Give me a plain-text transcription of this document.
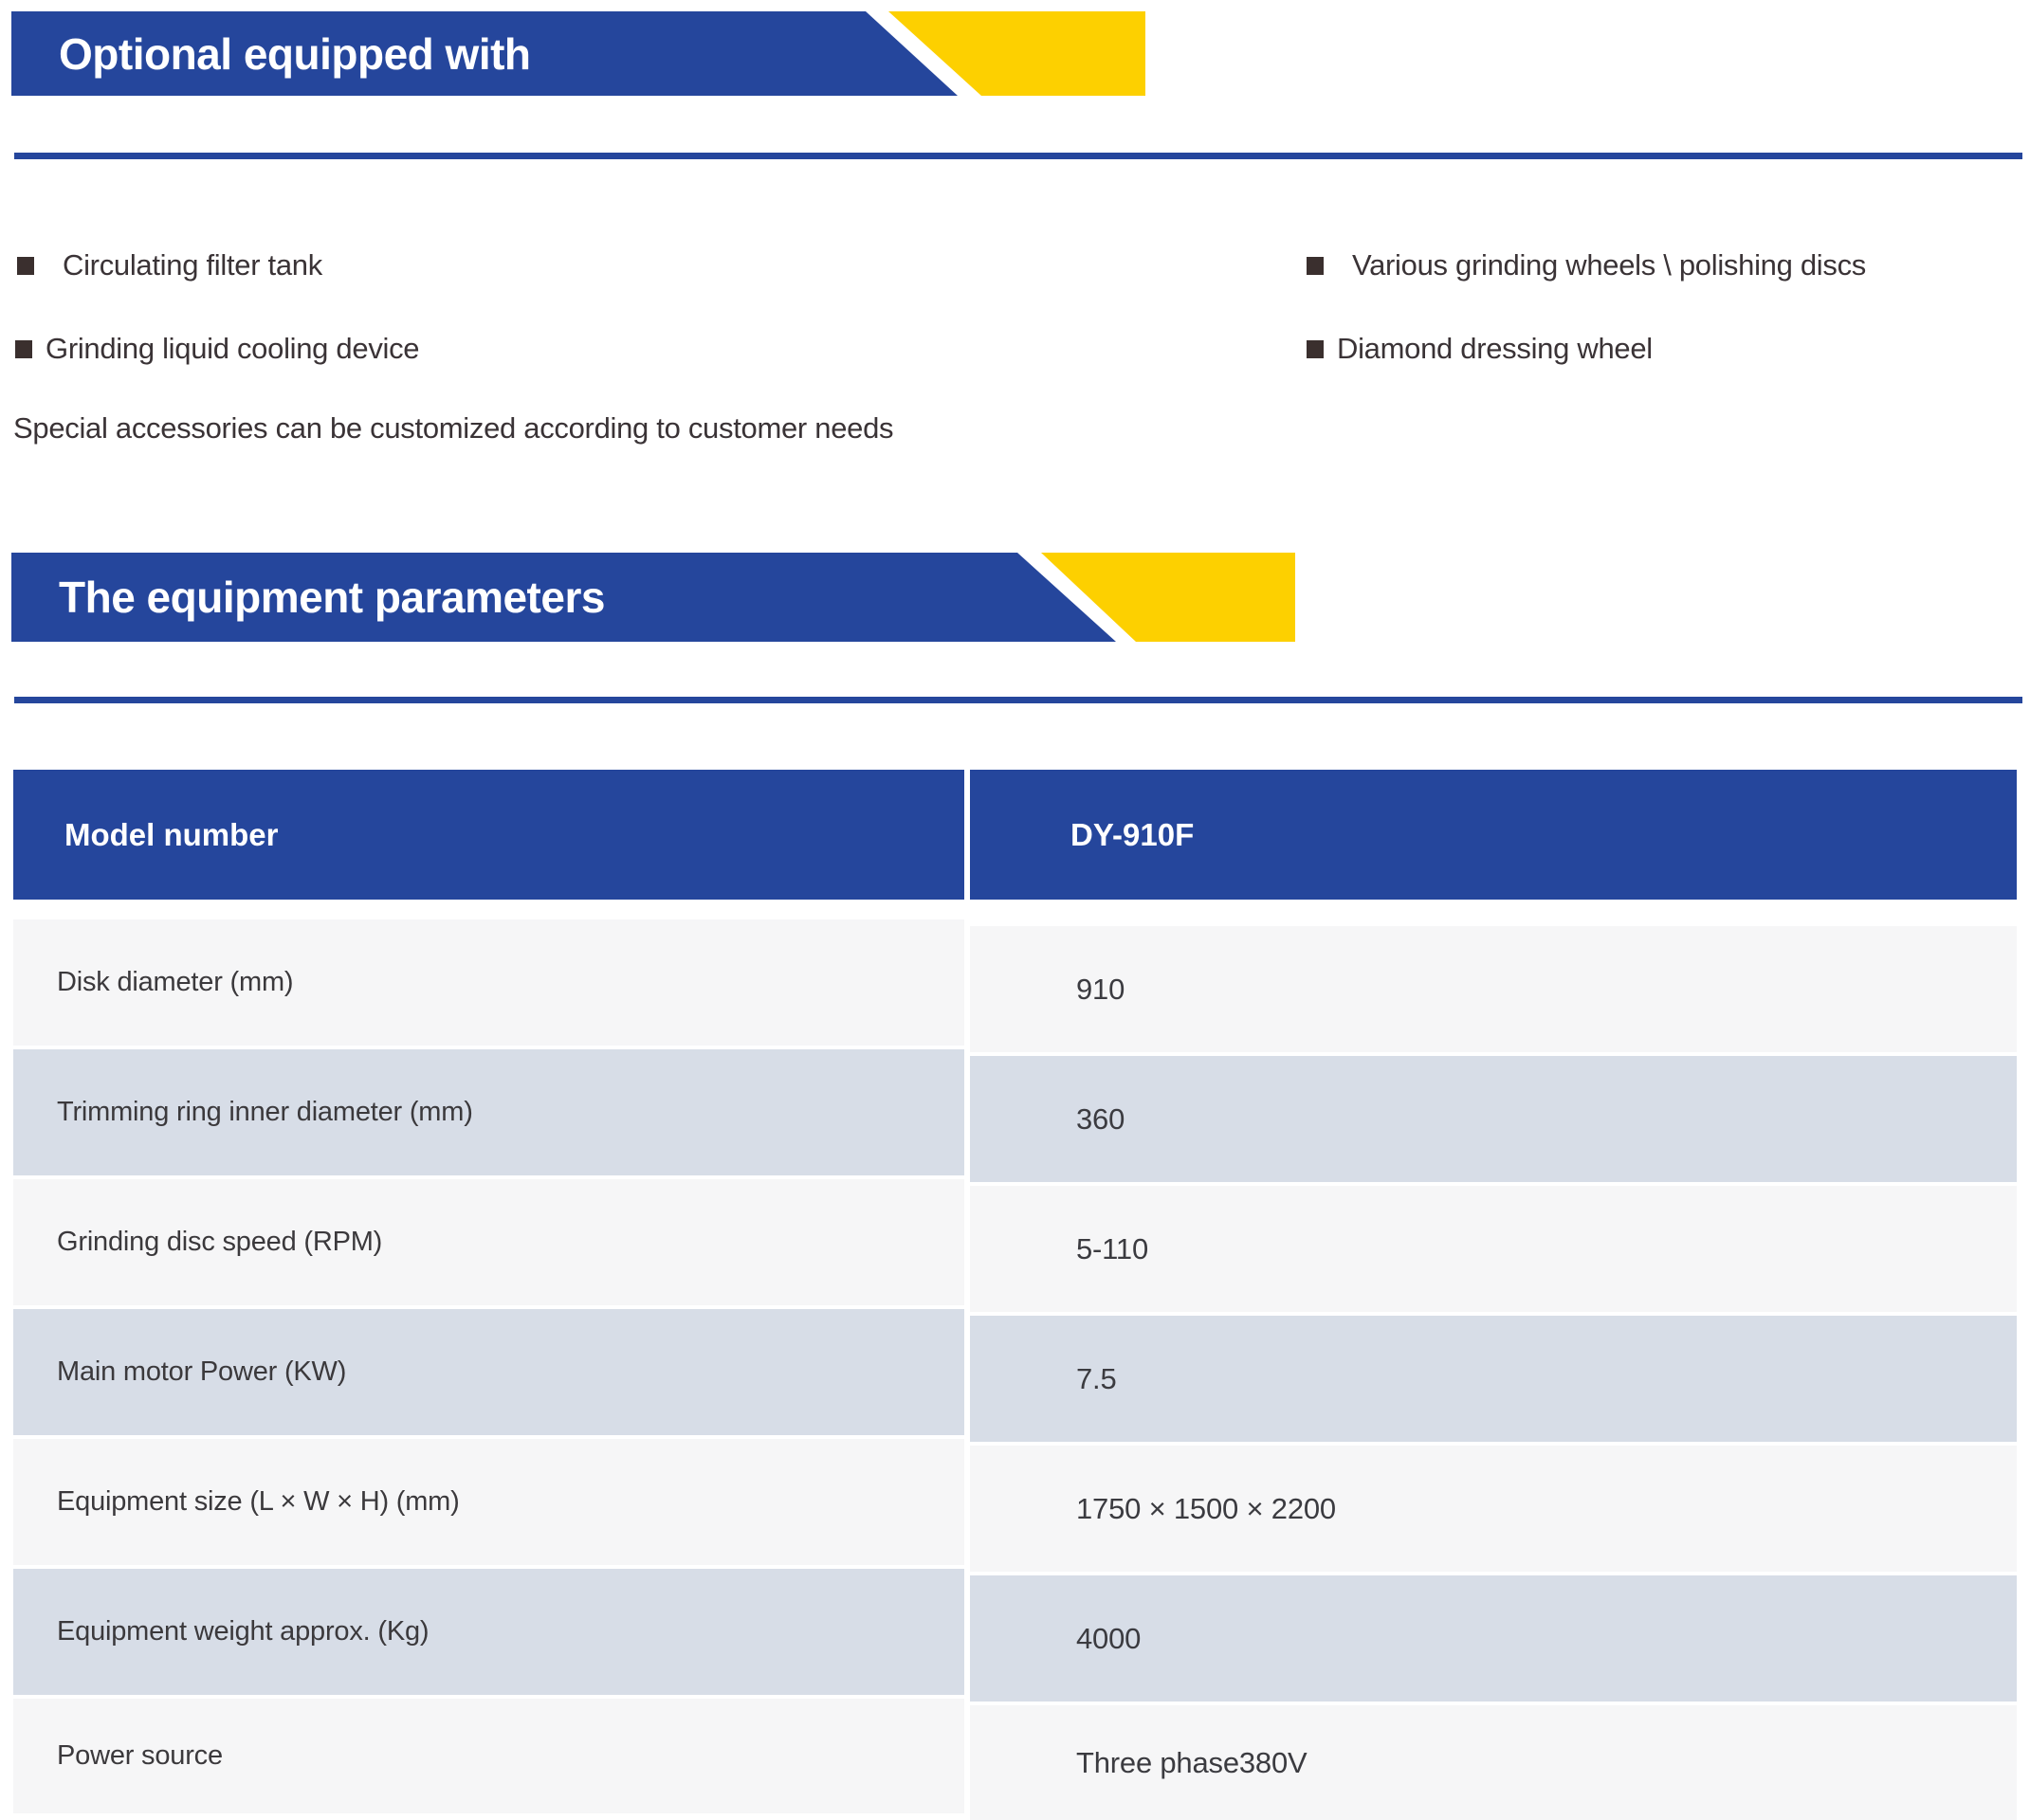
Optional equipped with
Circulating filter tank
Grinding liquid cooling device
Various grinding wheels \ polishing discs
Diamond dressing wheel
Special accessories can be customized according to customer needs
The equipment parameters
Model number	DY-910F
Disk diameter (mm)	910
Trimming ring inner diameter (mm)	360
Grinding disc speed (RPM)	5-110
Main motor Power (KW)	7.5
Equipment size (L × W × H) (mm)	1750 × 1500 × 2200
Equipment weight approx. (Kg)	4000
Power source	Three phase380V
